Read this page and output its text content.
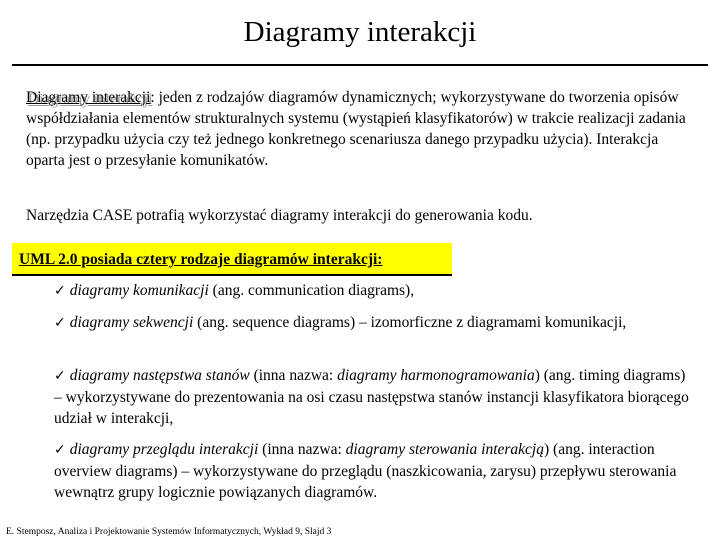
Diagramy interakcji
Diagramy interakcji: jeden z rodzajów diagramów dynamicznych; wykorzystywane do tworzenia opisów współdziałania elementów strukturalnych systemu (wystąpień klasyfikatorów) w trakcie realizacji zadania (np. przypadku użycia czy też jednego konkretnego scenariusza danego przypadku użycia). Interakcja oparta jest o przesyłanie komunikatów.
Narzędzia CASE potrafią wykorzystać diagramy interakcji do generowania kodu.
UML 2.0 posiada cztery rodzaje diagramów interakcji:
✓ diagramy komunikacji (ang. communication diagrams),
✓ diagramy sekwencji (ang. sequence diagrams) – izomorficzne z diagramami komunikacji,
✓ diagramy następstwa stanów (inna nazwa: diagramy harmonogramowania) (ang. timing diagrams) – wykorzystywane do prezentowania na osi czasu następstwa stanów instancji klasyfikatora biorącego udział w interakcji,
✓ diagramy przeglądu interakcji (inna nazwa: diagramy sterowania interakcją) (ang. interaction overview diagrams) – wykorzystywane do przeglądu (naszkicowania, zarysu) przepływu sterowania wewnątrz grupy logicznie powiązanych diagramów.
E. Stemposz, Analiza i Projektowanie Systemów Informatycznych, Wykład 9, Slajd 3
